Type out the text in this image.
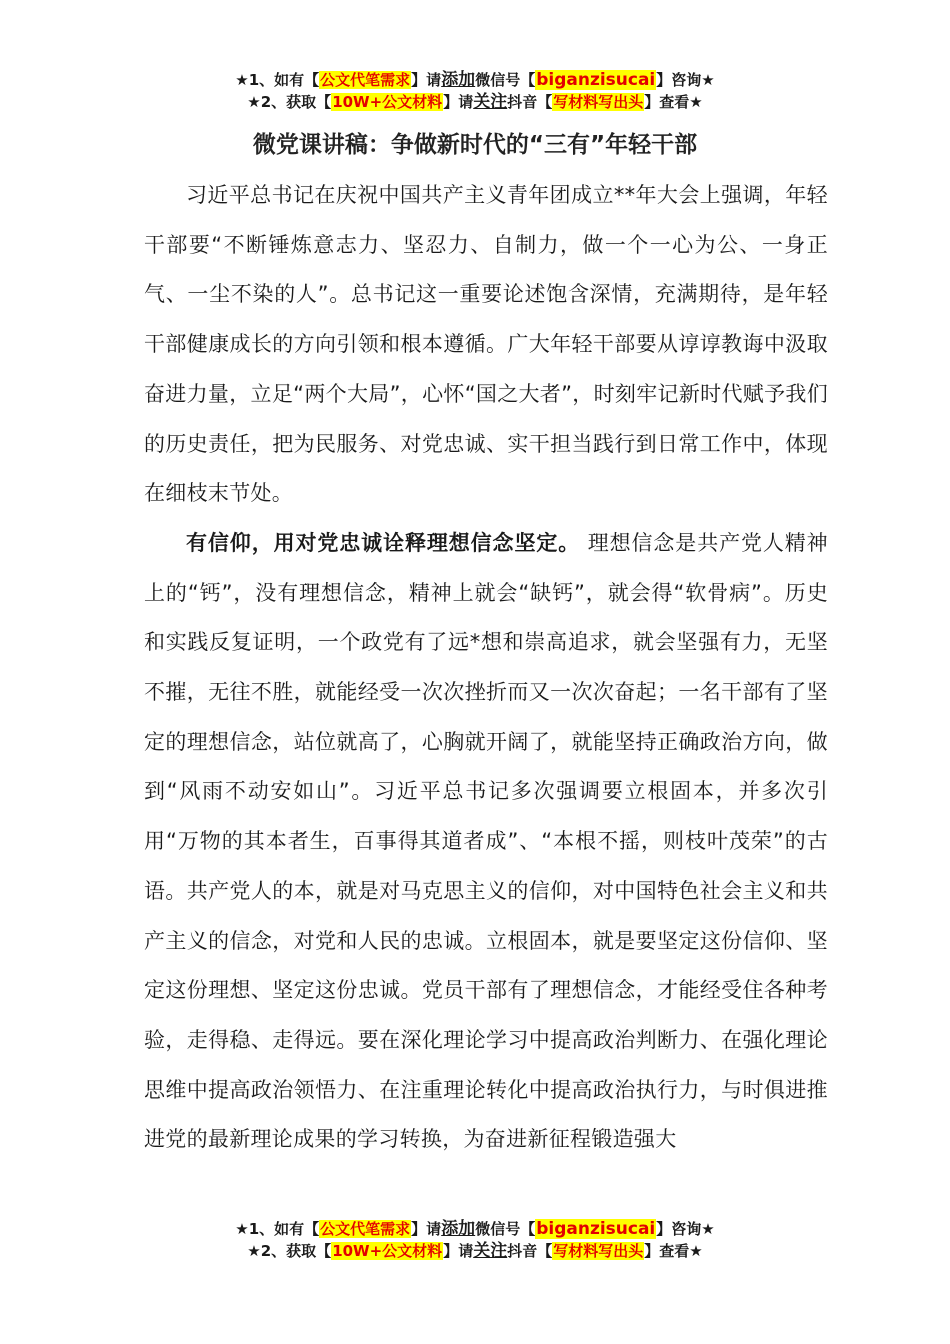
★1、如有【公文代笔需求】请添加微信号【biganzisucai】咨询★
★2、获取【10W+公文材料】请关注抖音【写材料写出头】查看★
微党课讲稿：争做新时代的“三有”年轻干部

习近平总书记在庆祝中国共产主义青年团成立**年大会上强调，年轻干部要“不断锤炼意志力、坚忍力、自制力，做一个一心为公、一身正气、一尘不染的人”。总书记这一重要论述饱含深情，充满期待，是年轻干部健康成长的方向引领和根本遵循。广大年轻干部要从谆谆教诲中汲取奋进力量，立足“两个大局”，心怀“国之大者”，时刻牢记新时代赋予我们的历史责任，把为民服务、对党忠诚、实干担当践行到日常工作中，体现在细枝末节处。

有信仰，用对党忠诚诠释理想信念坚定。 理想信念是共产党人精神上的“钙”，没有理想信念，精神上就会“缺钙”，就会得“软骨病”。历史和实践反复证明，一个政党有了远*想和崇高追求，就会坚强有力，无坚不摧，无往不胜，就能经受一次次挫折而又一次次奋起；一名干部有了坚定的理想信念，站位就高了，心胸就开阔了，就能坚持正确政治方向，做到“风雨不动安如山”。习近平总书记多次强调要立根固本，并多次引用“万物的其本者生，百事得其道者成”、“本根不摇，则枝叶茂荣”的古语。共产党人的本，就是对马克思主义的信仰，对中国特色社会主义和共产主义的信念，对党和人民的忠诚。立根固本，就是要坚定这份信仰、坚定这份理想、坚定这份忠诚。党员干部有了理想信念，才能经受住各种考验，走得稳、走得远。要在深化理论学习中提高政治判断力、在强化理论思维中提高政治领悟力、在注重理论转化中提高政治执行力，与时俱进推进党的最新理论成果的学习转换，为奋进新征程锻造强大

★1、如有【公文代笔需求】请添加微信号【biganzisucai】咨询★
★2、获取【10W+公文材料】请关注抖音【写材料写出头】查看★
